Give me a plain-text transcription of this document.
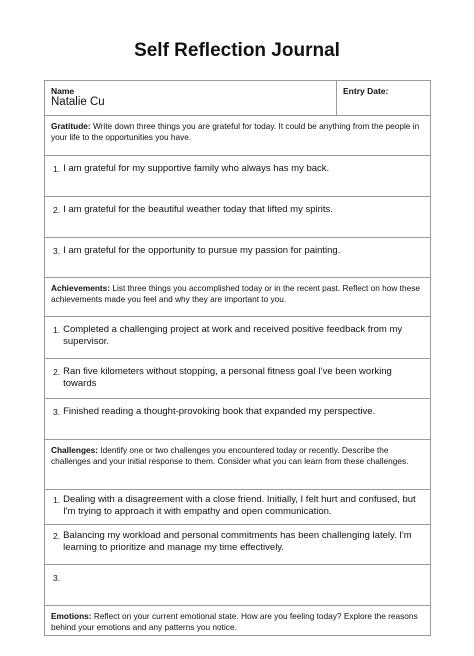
Self Reflection Journal
Name
Natalie Cu
Entry Date:
Gratitude: Write down three things you are grateful for today. It could be anything from the people in your life to the opportunities you have.
1. I am grateful for my supportive family who always has my back.
2. I am grateful for the beautiful weather today that lifted my spirits.
3. I am grateful for the opportunity to pursue my passion for painting.
Achievements: List three things you accomplished today or in the recent past. Reflect on how these achievements made you feel and why they are important to you.
1. Completed a challenging project at work and received positive feedback from my supervisor.
2. Ran five kilometers without stopping, a personal fitness goal I've been working towards
3. Finished reading a thought-provoking book that expanded my perspective.
Challenges: Identify one or two challenges you encountered today or recently. Describe the challenges and your initial response to them. Consider what you can learn from these challenges.
1. Dealing with a disagreement with a close friend. Initially, I felt hurt and confused, but I'm trying to approach it with empathy and open communication.
2. Balancing my workload and personal commitments has been challenging lately. I'm learning to prioritize and manage my time effectively.
3.
Emotions: Reflect on your current emotional state. How are you feeling today? Explore the reasons behind your emotions and any patterns you notice.
